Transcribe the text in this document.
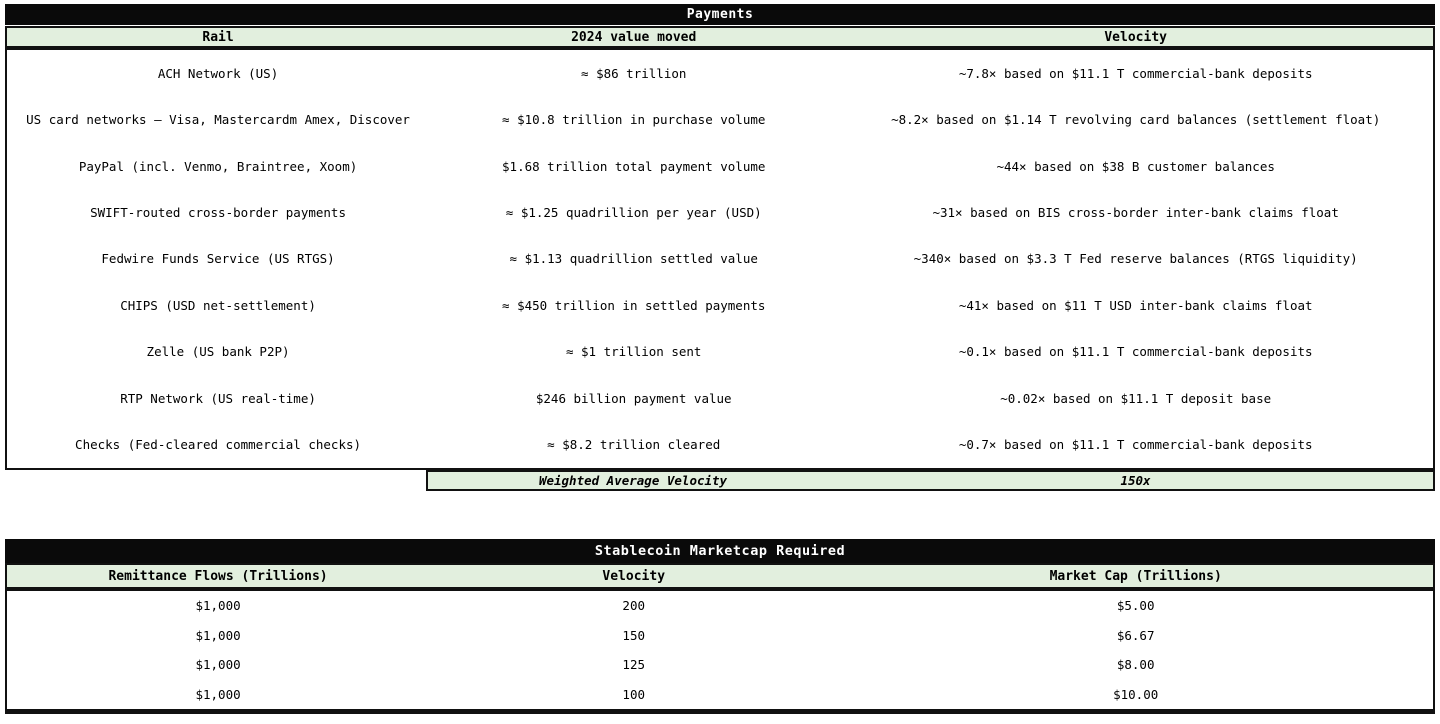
Payments
Rail	2024 value moved	Velocity
ACH Network (US)	≈ $86 trillion	~7.8× based on $11.1 T commercial-bank deposits
US card networks – Visa, Mastercardm Amex, Discover	≈ $10.8 trillion in purchase volume	~8.2× based on $1.14 T revolving card balances (settlement float)
PayPal (incl. Venmo, Braintree, Xoom)	$1.68 trillion total payment volume	~44× based on $38 B customer balances
SWIFT-routed cross-border payments	≈ $1.25 quadrillion per year (USD)	~31× based on BIS cross-border inter-bank claims float
Fedwire Funds Service (US RTGS)	≈ $1.13 quadrillion settled value	~340× based on $3.3 T Fed reserve balances (RTGS liquidity)
CHIPS (USD net-settlement)	≈ $450 trillion in settled payments	~41× based on $11 T USD inter-bank claims float
Zelle (US bank P2P)	≈ $1 trillion sent	~0.1× based on $11.1 T commercial-bank deposits
RTP Network (US real-time)	$246 billion payment value	~0.02× based on $11.1 T deposit base
Checks (Fed-cleared commercial checks)	≈ $8.2 trillion cleared	~0.7× based on $11.1 T commercial-bank deposits
Weighted Average Velocity	150x
Stablecoin Marketcap Required
Remittance Flows (Trillions)	Velocity	Market Cap (Trillions)
$1,000	200	$5.00
$1,000	150	$6.67
$1,000	125	$8.00
$1,000	100	$10.00
